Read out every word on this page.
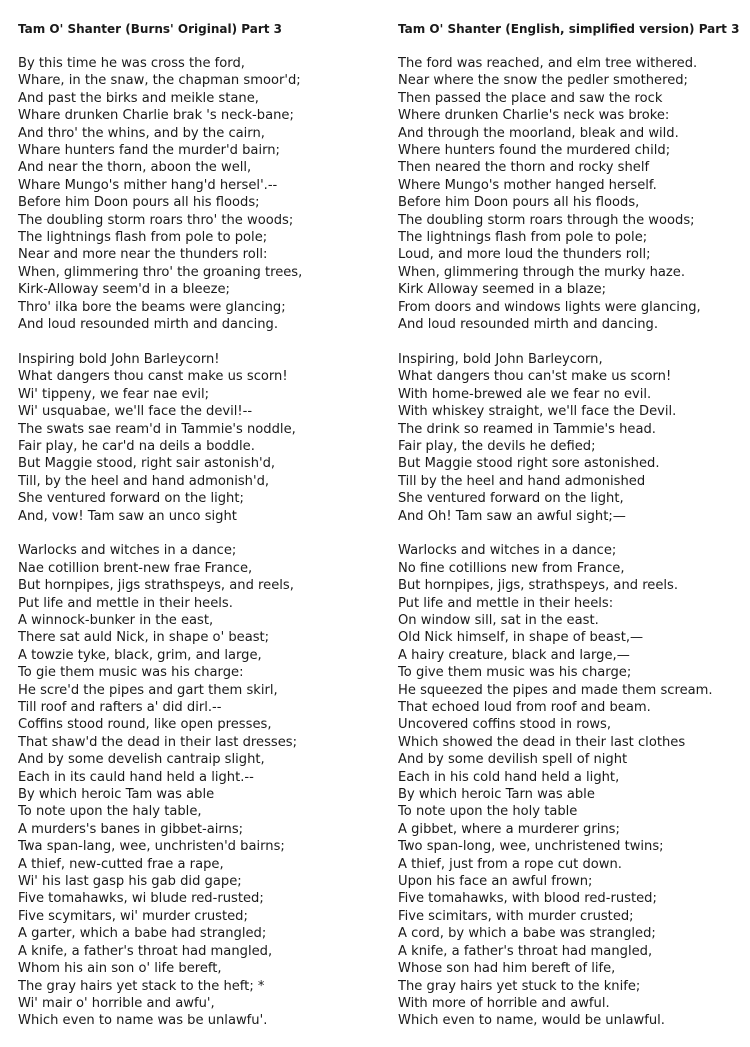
Tam O' Shanter (Burns' Original) Part 3
By this time he was cross the ford,
Whare, in the snaw, the chapman smoor'd;
And past the birks and meikle stane,
Whare drunken Charlie brak 's neck-bane;
And thro' the whins, and by the cairn,
Whare hunters fand the murder'd bairn;
And near the thorn, aboon the well,
Whare Mungo's mither hang'd hersel'.--
Before him Doon pours all his floods;
The doubling storm roars thro' the woods;
The lightnings flash from pole to pole;
Near and more near the thunders roll:
When, glimmering thro' the groaning trees,
Kirk-Alloway seem'd in a bleeze;
Thro' ilka bore the beams were glancing;
And loud resounded mirth and dancing.
Inspiring bold John Barleycorn!
What dangers thou canst make us scorn!
Wi' tippeny, we fear nae evil;
Wi' usquabae, we'll face the devil!--
The swats sae ream'd in Tammie's noddle,
Fair play, he car'd na deils a boddle.
But Maggie stood, right sair astonish'd,
Till, by the heel and hand admonish'd,
She ventured forward on the light;
And, vow! Tam saw an unco sight
Warlocks and witches in a dance;
Nae cotillion brent-new frae France,
But hornpipes, jigs strathspeys, and reels,
Put life and mettle in their heels.
A winnock-bunker in the east,
There sat auld Nick, in shape o' beast;
A towzie tyke, black, grim, and large,
To gie them music was his charge:
He scre'd the pipes and gart them skirl,
Till roof and rafters a' did dirl.--
Coffins stood round, like open presses,
That shaw'd the dead in their last dresses;
And by some develish cantraip slight,
Each in its cauld hand held a light.--
By which heroic Tam was able
To note upon the haly table,
A murders's banes in gibbet-airns;
Twa span-lang, wee, unchristen'd bairns;
A thief, new-cutted frae a rape,
Wi' his last gasp his gab did gape;
Five tomahawks, wi blude red-rusted;
Five scymitars, wi' murder crusted;
A garter, which a babe had strangled;
A knife, a father's throat had mangled,
Whom his ain son o' life bereft,
The gray hairs yet stack to the heft; *
Wi' mair o' horrible and awfu',
Which even to name was be unlawfu'.
Tam O' Shanter (English, simplified version) Part 3
The ford was reached, and elm tree withered.
Near where the snow the pedler smothered;
Then passed the place and saw the rock
Where drunken Charlie's neck was broke:
And through the moorland, bleak and wild.
Where hunters found the murdered child;
Then neared the thorn and rocky shelf
Where Mungo's mother hanged herself.
Before him Doon pours all his floods,
The doubling storm roars through the woods;
The lightnings flash from pole to pole;
Loud, and more loud the thunders roll;
When, glimmering through the murky haze.
Kirk Alloway seemed in a blaze;
From doors and windows lights were glancing,
And loud resounded mirth and dancing.
Inspiring, bold John Barleycorn,
What dangers thou can'st make us scorn!
With home-brewed ale we fear no evil.
With whiskey straight, we'll face the Devil.
The drink so reamed in Tammie's head.
Fair play, the devils he defied;
But Maggie stood right sore astonished.
Till by the heel and hand admonished
She ventured forward on the light,
And Oh! Tam saw an awful sight;—
Warlocks and witches in a dance;
No fine cotillions new from France,
But hornpipes, jigs, strathspeys, and reels.
Put life and mettle in their heels:
On window sill, sat in the east.
Old Nick himself, in shape of beast,—
A hairy creature, black and large,—
To give them music was his charge;
He squeezed the pipes and made them scream.
That echoed loud from roof and beam.
Uncovered coffins stood in rows,
Which showed the dead in their last clothes
And by some devilish spell of night
Each in his cold hand held a light,
By which heroic Tarn was able
To note upon the holy table
A gibbet, where a murderer grins;
Two span-long, wee, unchristened twins;
A thief, just from a rope cut down.
Upon his face an awful frown;
Five tomahawks, with blood red-rusted;
Five scimitars, with murder crusted;
A cord, by which a babe was strangled;
A knife, a father's throat had mangled,
Whose son had him bereft of life,
The gray hairs yet stuck to the knife;
With more of horrible and awful.
Which even to name, would be unlawful.
